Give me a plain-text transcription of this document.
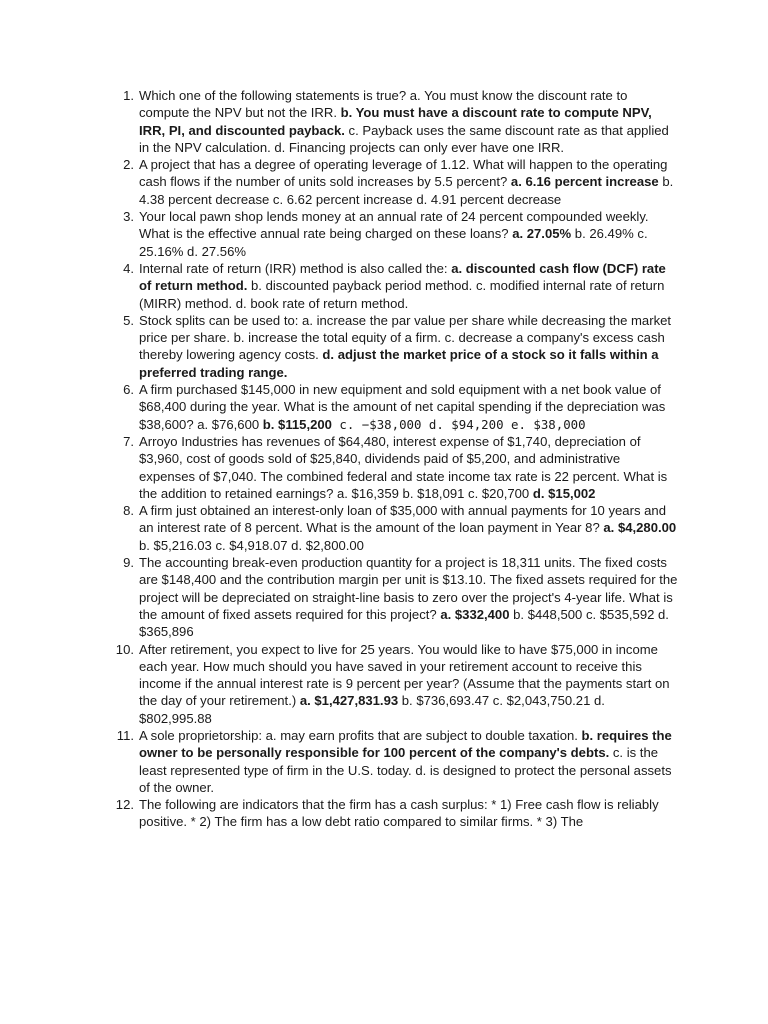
1. Which one of the following statements is true? a. You must know the discount rate to compute the NPV but not the IRR. b. You must have a discount rate to compute NPV, IRR, PI, and discounted payback. c. Payback uses the same discount rate as that applied in the NPV calculation. d. Financing projects can only ever have one IRR.
2. A project that has a degree of operating leverage of 1.12. What will happen to the operating cash flows if the number of units sold increases by 5.5 percent? a. 6.16 percent increase b. 4.38 percent decrease c. 6.62 percent increase d. 4.91 percent decrease
3. Your local pawn shop lends money at an annual rate of 24 percent compounded weekly. What is the effective annual rate being charged on these loans? a. 27.05% b. 26.49% c. 25.16% d. 27.56%
4. Internal rate of return (IRR) method is also called the: a. discounted cash flow (DCF) rate of return method. b. discounted payback period method. c. modified internal rate of return (MIRR) method. d. book rate of return method.
5. Stock splits can be used to: a. increase the par value per share while decreasing the market price per share. b. increase the total equity of a firm. c. decrease a company's excess cash thereby lowering agency costs. d. adjust the market price of a stock so it falls within a preferred trading range.
6. A firm purchased $145,000 in new equipment and sold equipment with a net book value of $68,400 during the year. What is the amount of net capital spending if the depreciation was $38,600? a. $76,600 b. $115,200 c. −$38,000 d. $94,200 e. $38,000
7. Arroyo Industries has revenues of $64,480, interest expense of $1,740, depreciation of $3,960, cost of goods sold of $25,840, dividends paid of $5,200, and administrative expenses of $7,040. The combined federal and state income tax rate is 22 percent. What is the addition to retained earnings? a. $16,359 b. $18,091 c. $20,700 d. $15,002
8. A firm just obtained an interest-only loan of $35,000 with annual payments for 10 years and an interest rate of 8 percent. What is the amount of the loan payment in Year 8? a. $4,280.00 b. $5,216.03 c. $4,918.07 d. $2,800.00
9. The accounting break-even production quantity for a project is 18,311 units. The fixed costs are $148,400 and the contribution margin per unit is $13.10. The fixed assets required for the project will be depreciated on straight-line basis to zero over the project's 4-year life. What is the amount of fixed assets required for this project? a. $332,400 b. $448,500 c. $535,592 d. $365,896
10. After retirement, you expect to live for 25 years. You would like to have $75,000 in income each year. How much should you have saved in your retirement account to receive this income if the annual interest rate is 9 percent per year? (Assume that the payments start on the day of your retirement.) a. $1,427,831.93 b. $736,693.47 c. $2,043,750.21 d. $802,995.88
11. A sole proprietorship: a. may earn profits that are subject to double taxation. b. requires the owner to be personally responsible for 100 percent of the company's debts. c. is the least represented type of firm in the U.S. today. d. is designed to protect the personal assets of the owner.
12. The following are indicators that the firm has a cash surplus: * 1) Free cash flow is reliably positive. * 2) The firm has a low debt ratio compared to similar firms. * 3) The
